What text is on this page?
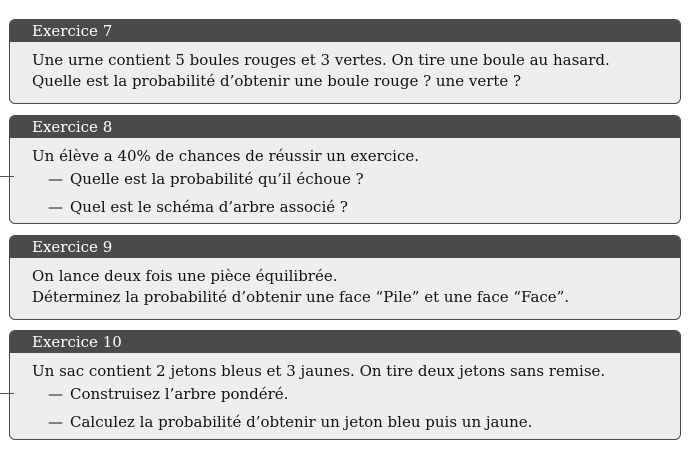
Exercice 7
Une urne contient 5 boules rouges et 3 vertes. On tire une boule au hasard.
Quelle est la probabilité d’obtenir une boule rouge ? une verte ?
Exercice 8
Un élève a 40% de chances de réussir un exercice.
— Quelle est la probabilité qu’il échoue ?
— Quel est le schéma d’arbre associé ?
Exercice 9
On lance deux fois une pièce équilibrée.
Déterminez la probabilité d’obtenir une face “Pile” et une face “Face”.
Exercice 10
Un sac contient 2 jetons bleus et 3 jaunes. On tire deux jetons sans remise.
— Construisez l’arbre pondéré.
— Calculez la probabilité d’obtenir un jeton bleu puis un jaune.
